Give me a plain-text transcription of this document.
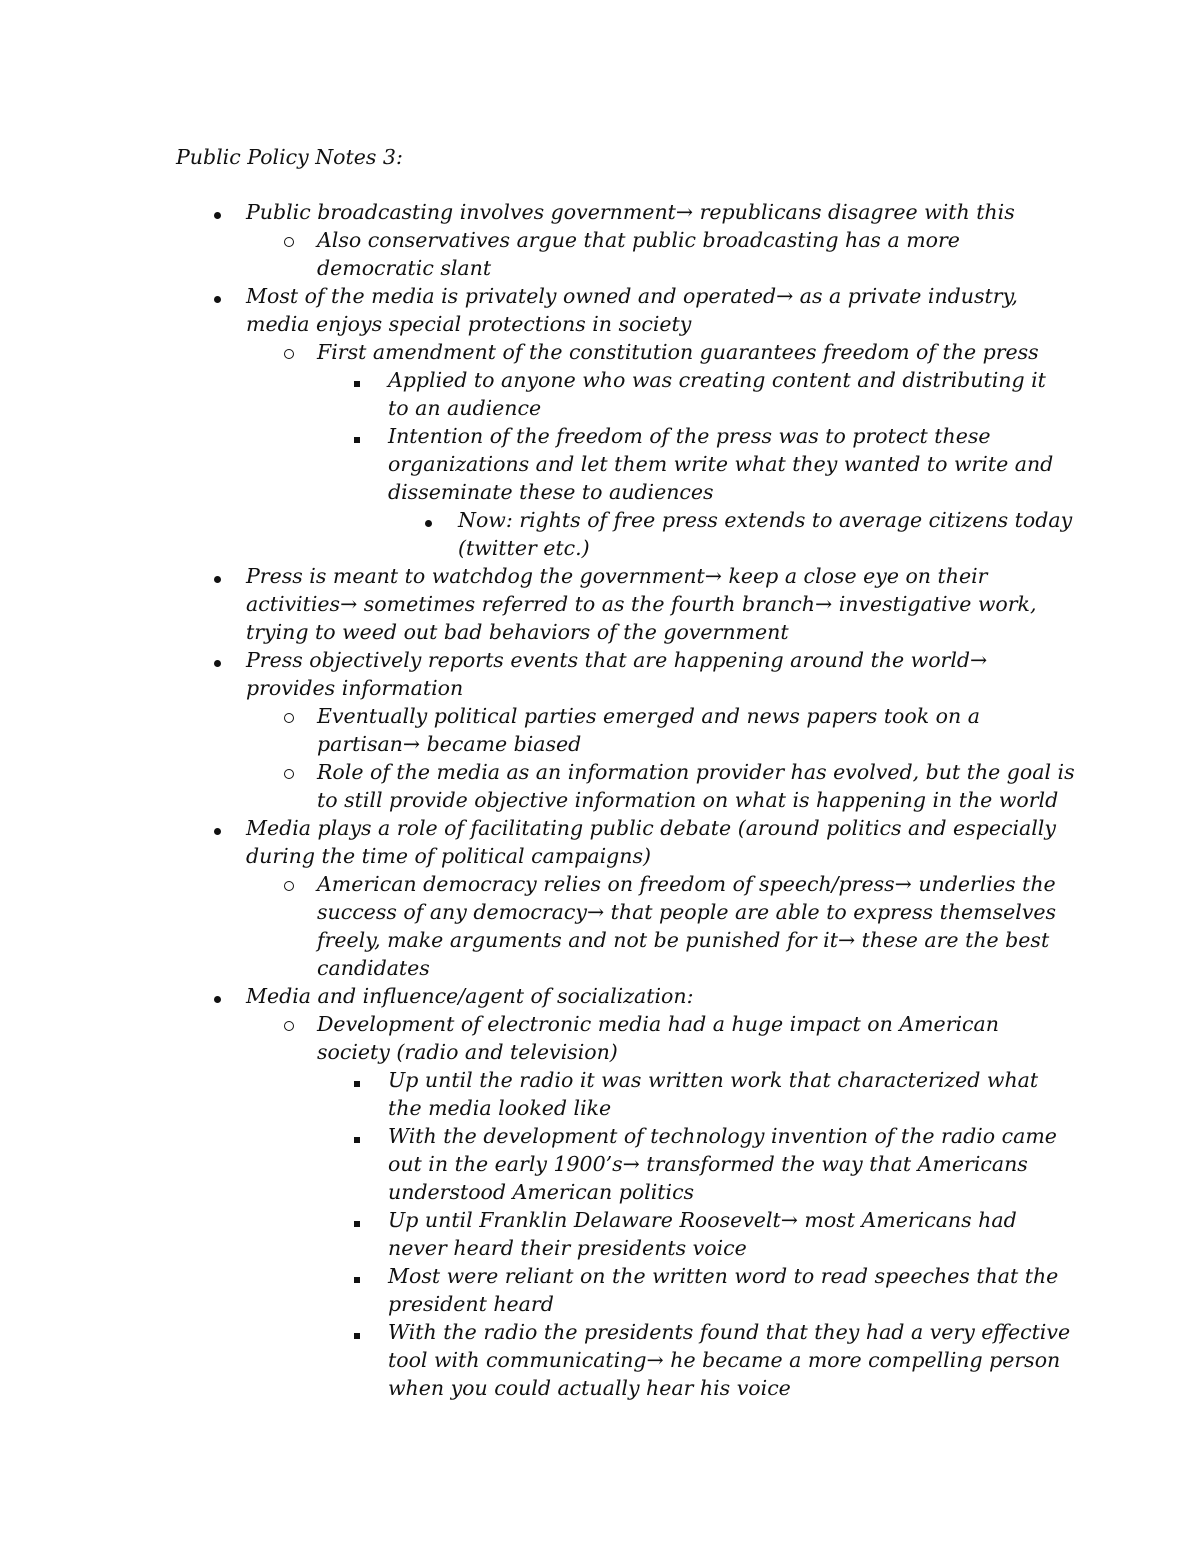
Public Policy Notes 3:
Public broadcasting involves government→ republicans disagree with this
Also conservatives argue that public broadcasting has a more
democratic slant
Most of the media is privately owned and operated→ as a private industry,
media enjoys special protections in society
First amendment of the constitution guarantees freedom of the press
Applied to anyone who was creating content and distributing it
to an audience
Intention of the freedom of the press was to protect these
organizations and let them write what they wanted to write and
disseminate these to audiences
Now: rights of free press extends to average citizens today
(twitter etc.)
Press is meant to watchdog the government→ keep a close eye on their
activities→ sometimes referred to as the fourth branch→ investigative work,
trying to weed out bad behaviors of the government
Press objectively reports events that are happening around the world→
provides information
Eventually political parties emerged and news papers took on a
partisan→ became biased
Role of the media as an information provider has evolved, but the goal is
to still provide objective information on what is happening in the world
Media plays a role of facilitating public debate (around politics and especially
during the time of political campaigns)
American democracy relies on freedom of speech/press→ underlies the
success of any democracy→ that people are able to express themselves
freely, make arguments and not be punished for it→ these are the best
candidates
Media and influence/agent of socialization:
Development of electronic media had a huge impact on American
society (radio and television)
Up until the radio it was written work that characterized what
the media looked like
With the development of technology invention of the radio came
out in the early 1900’s→ transformed the way that Americans
understood American politics
Up until Franklin Delaware Roosevelt→ most Americans had
never heard their presidents voice
Most were reliant on the written word to read speeches that the
president heard
With the radio the presidents found that they had a very effective
tool with communicating→ he became a more compelling person
when you could actually hear his voice
